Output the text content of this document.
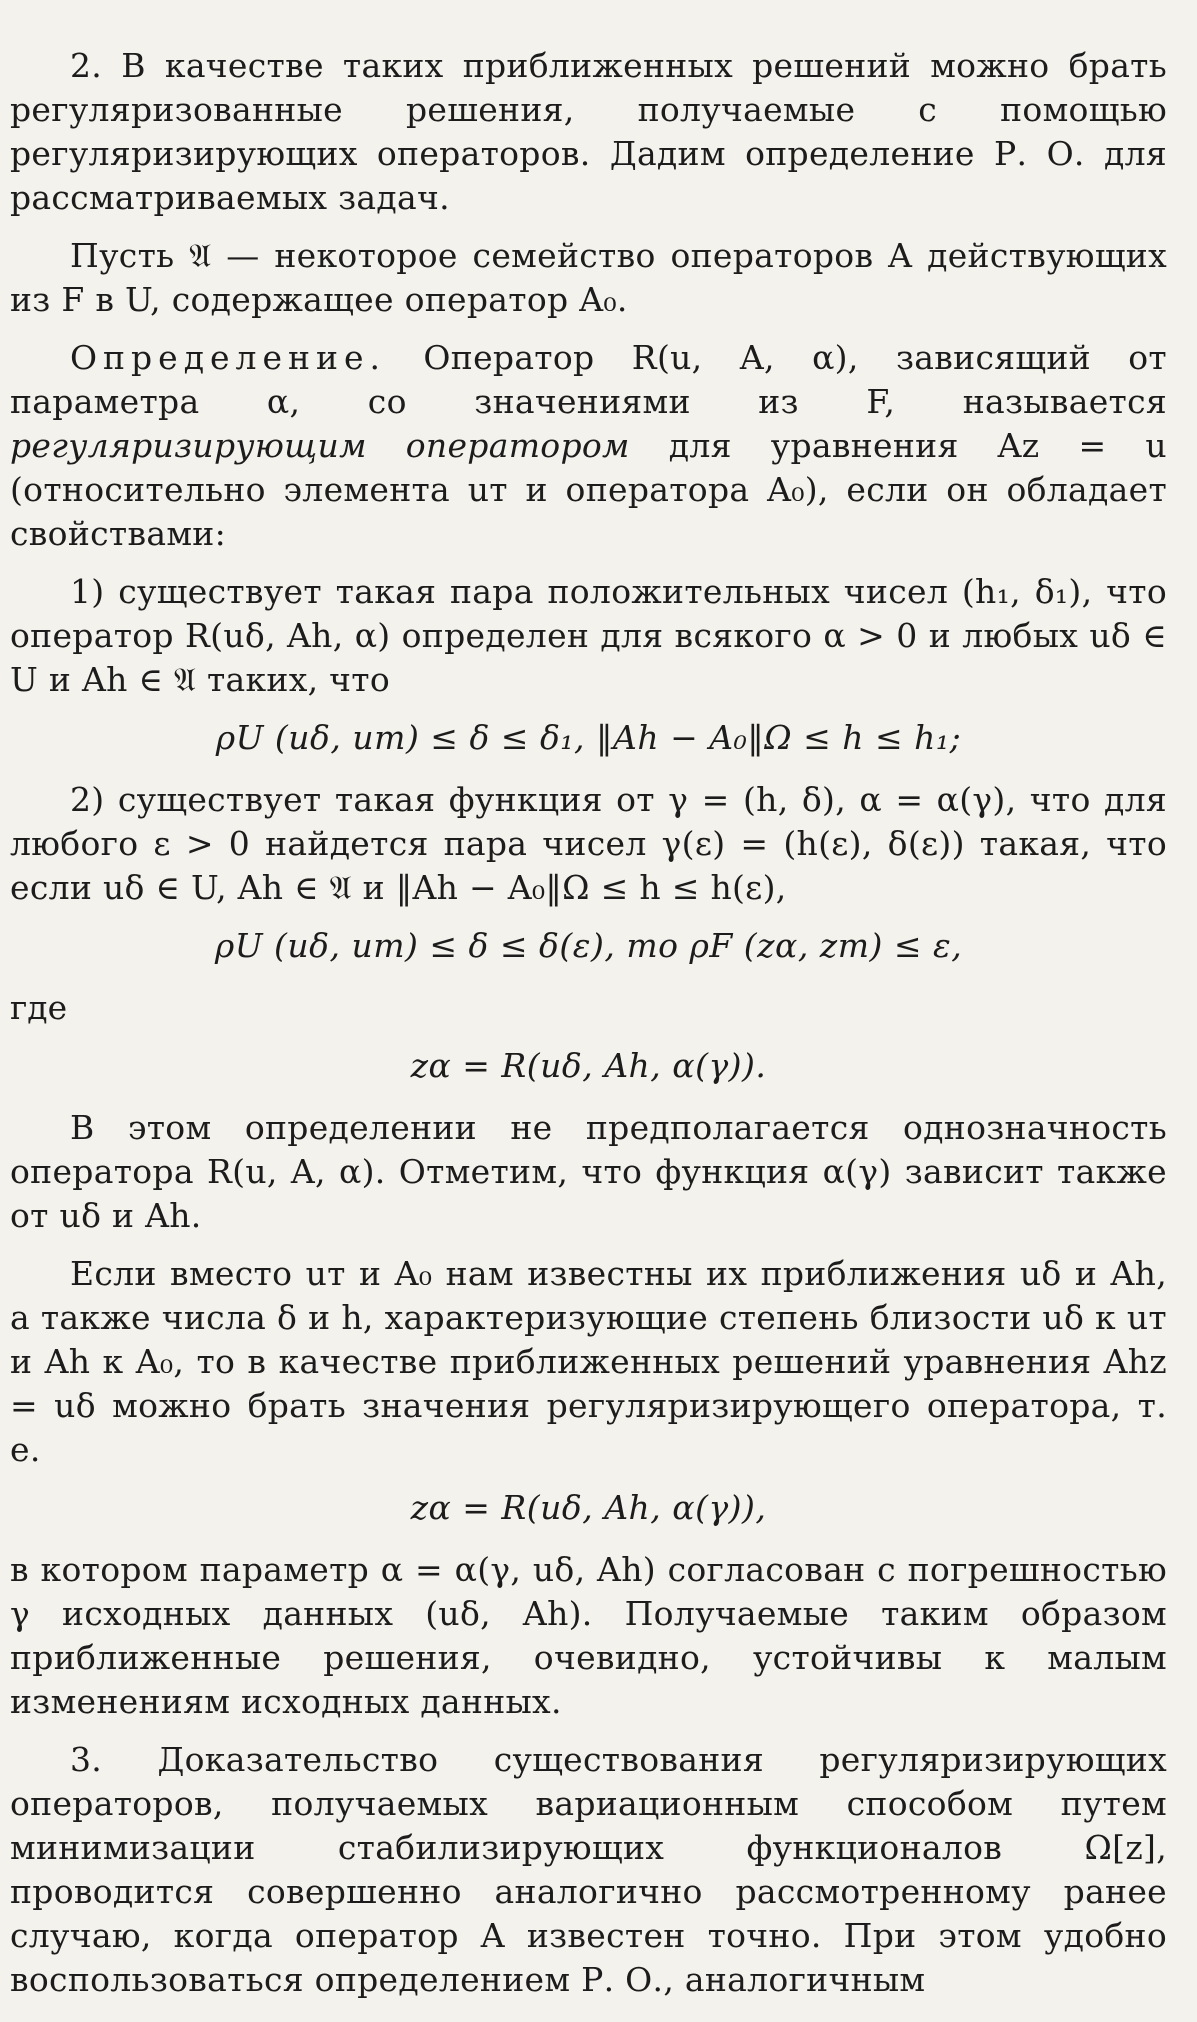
2. В качестве таких приближенных решений можно брать регуляризованные решения, получаемые с помощью регуляризирующих операторов. Дадим определение Р. О. для рассматриваемых задач.

Пусть 𝔄 — некоторое семейство операторов A действующих из F в U, содержащее оператор A₀.

Определение. Оператор R(u, A, α), зависящий от параметра α, со значениями из F, называется регуляризирующим оператором для уравнения Az = u (относительно элемента uт и оператора A₀), если он обладает свойствами:

1) существует такая пара положительных чисел (h₁, δ₁), что оператор R(uδ, Ah, α) определен для всякого α > 0 и любых uδ ∈ U и Ah ∈ 𝔄 таких, что

ρU (uδ, uт) ≤ δ ≤ δ₁, ‖Ah − A₀‖Ω ≤ h ≤ h₁;

2) существует такая функция от γ = (h, δ), α = α(γ), что для любого ε > 0 найдется пара чисел γ(ε) = (h(ε), δ(ε)) такая, что если uδ ∈ U, Ah ∈ 𝔄 и ‖Ah − A₀‖Ω ≤ h ≤ h(ε),

ρU (uδ, uт) ≤ δ ≤ δ(ε), то ρF (zα, zт) ≤ ε,
где
zα = R(uδ, Ah, α(γ)).

В этом определении не предполагается однозначность оператора R(u, A, α). Отметим, что функция α(γ) зависит также от uδ и Ah.

Если вместо uт и A₀ нам известны их приближения uδ и Ah, а также числа δ и h, характеризующие степень близости uδ к uт и Ah к A₀, то в качестве приближенных решений уравнения Ahz = uδ можно брать значения регуляризирующего оператора, т. е.

zα = R(uδ, Ah, α(γ)),

в котором параметр α = α(γ, uδ, Ah) согласован с погрешностью γ исходных данных (uδ, Ah). Получаемые таким образом приближенные решения, очевидно, устойчивы к малым изменениям исходных данных.

3. Доказательство существования регуляризирующих операторов, получаемых вариационным способом путем минимизации стабилизирующих функционалов Ω[z], проводится совершенно аналогично рассмотренному ранее случаю, когда оператор A известен точно. При этом удобно воспользоваться определением Р. О., аналогичным
